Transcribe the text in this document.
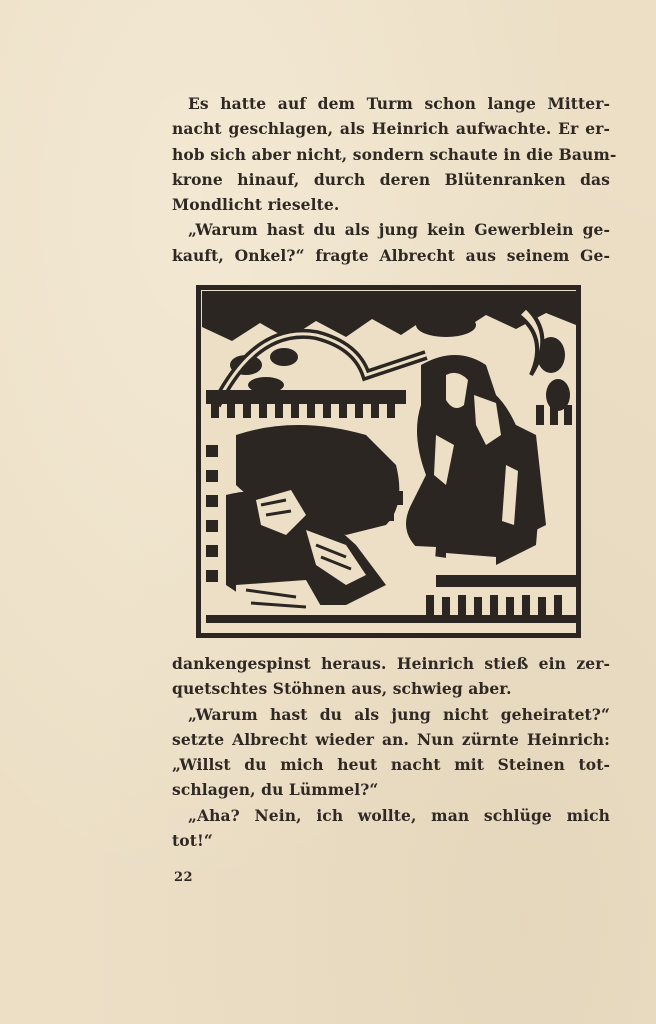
Es hatte auf dem Turm schon lange Mitter-
nacht geschlagen, als Heinrich aufwachte. Er er-
hob sich aber nicht, sondern schaute in die Baum-
krone hinauf, durch deren Blütenranken das
Mondlicht rieselte.
„Warum hast du als jung kein Gewerblein ge-
kauft, Onkel?“ fragte Albrecht aus seinem Ge-
dankengespinst heraus. Heinrich stieß ein zer-
quetschtes Stöhnen aus, schwieg aber.
„Warum hast du als jung nicht geheiratet?“
setzte Albrecht wieder an. Nun zürnte Heinrich:
„Willst du mich heut nacht mit Steinen tot-
schlagen, du Lümmel?“
„Aha? Nein, ich wollte, man schlüge mich
tot!“
22
